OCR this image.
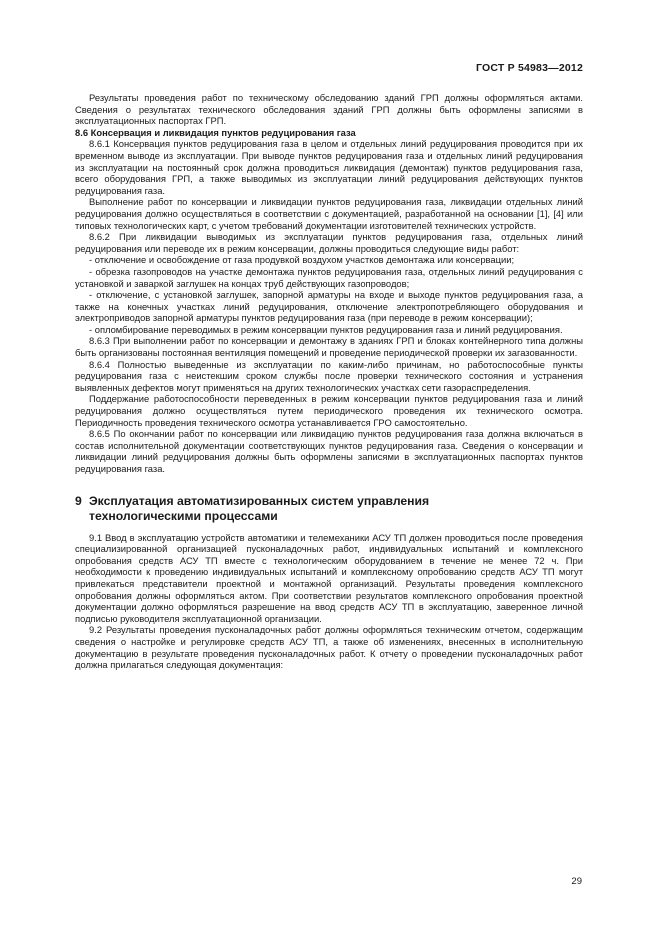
ГОСТ Р 54983—2012

Результаты проведения работ по техническому обследованию зданий ГРП должны оформляться актами. Сведения о результатах технического обследования зданий ГРП должны быть оформлены записями в эксплуатационных паспортах ГРП.

8.6 Консервация и ликвидация пунктов редуцирования газа

8.6.1 Консервация пунктов редуцирования газа в целом и отдельных линий редуцирования проводится при их временном выводе из эксплуатации. При выводе пунктов редуцирования газа и отдельных линий редуцирования из эксплуатации на постоянный срок должна проводиться ликвидация (демонтаж) пунктов редуцирования газа, всего оборудования ГРП, а также выводимых из эксплуатации линий редуцирования действующих пунктов редуцирования газа.

Выполнение работ по консервации и ликвидации пунктов редуцирования газа, ликвидации отдельных линий редуцирования должно осуществляться в соответствии с документацией, разработанной на основании [1], [4] или типовых технологических карт, с учетом требований документации изготовителей технических устройств.

8.6.2 При ликвидации выводимых из эксплуатации пунктов редуцирования газа, отдельных линий редуцирования или переводе их в режим консервации, должны проводиться следующие виды работ:

- отключение и освобождение от газа продувкой воздухом участков демонтажа или консервации;

- обрезка газопроводов на участке демонтажа пунктов редуцирования газа, отдельных линий редуцирования с установкой и заваркой заглушек на концах труб действующих газопроводов;

- отключение, с установкой заглушек, запорной арматуры на входе и выходе пунктов редуцирования газа, а также на конечных участках линий редуцирования, отключение электропотребляющего оборудования и электроприводов запорной арматуры пунктов редуцирования газа (при переводе в режим консервации);

- опломбирование переводимых в режим консервации пунктов редуцирования газа и линий редуцирования.

8.6.3 При выполнении работ по консервации и демонтажу в зданиях ГРП и блоках контейнерного типа должны быть организованы постоянная вентиляция помещений и проведение периодической проверки их загазованности.

8.6.4 Полностью выведенные из эксплуатации по каким-либо причинам, но работоспособные пункты редуцирования газа с неистекшим сроком службы после проверки технического состояния и устранения выявленных дефектов могут применяться на других технологических участках сети газораспределения.

Поддержание работоспособности переведенных в режим консервации пунктов редуцирования газа и линий редуцирования должно осуществляться путем периодического проведения их технического осмотра. Периодичность проведения технического осмотра устанавливается ГРО самостоятельно.

8.6.5 По окончании работ по консервации или ликвидацию пунктов редуцирования газа должна включаться в состав исполнительной документации соответствующих пунктов редуцирования газа. Сведения о консервации и ликвидации линий редуцирования должны быть оформлены записями в эксплуатационных паспортах пунктов редуцирования газа.

9 Эксплуатация автоматизированных систем управления
технологическими процессами

9.1 Ввод в эксплуатацию устройств автоматики и телемеханики АСУ ТП должен проводиться после проведения специализированной организацией пусконаладочных работ, индивидуальных испытаний и комплексного опробования средств АСУ ТП вместе с технологическим оборудованием в течение не менее 72 ч. При необходимости к проведению индивидуальных испытаний и комплексному опробованию средств АСУ ТП могут привлекаться представители проектной и монтажной организаций. Результаты проведения комплексного опробования должны оформляться актом. При соответствии результатов комплексного опробования проектной документации должно оформляться разрешение на ввод средств АСУ ТП в эксплуатацию, заверенное личной подписью руководителя эксплуатационной организации.

9.2 Результаты проведения пусконаладочных работ должны оформляться техническим отчетом, содержащим сведения о настройке и регулировке средств АСУ ТП, а также об изменениях, внесенных в исполнительную документацию в результате проведения пусконаладочных работ. К отчету о проведении пусконаладочных работ должна прилагаться следующая документация:

29
